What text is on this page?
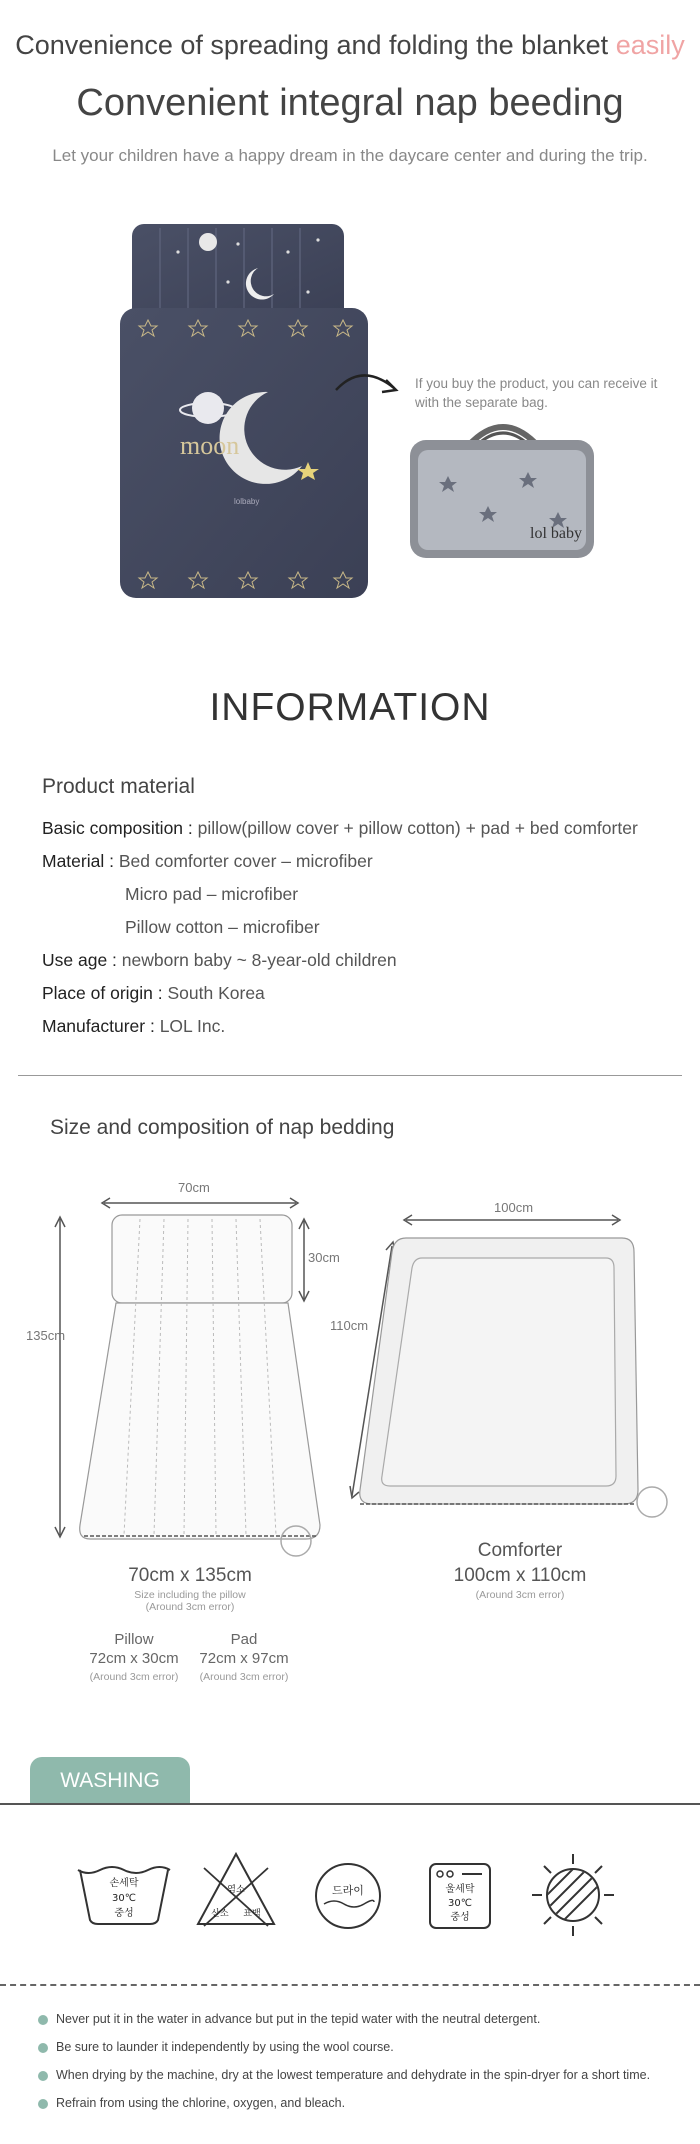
Convenience of spreading and folding the blanket easily
Convenient integral nap beeding
Let your children have a happy dream in the daycare center and during the trip.
moon
lolbaby
If you buy the product, you can receive it with the separate bag.
lol baby
INFORMATION
Product material
Basic composition : pillow(pillow cover + pillow cotton) + pad + bed comforter
Material : Bed comforter cover – microfiber
Micro pad – microfiber
Pillow cotton – microfiber
Use age : newborn baby ~ 8-year-old children
Place of origin : South Korea
Manufacturer : LOL Inc.
Size and composition of nap bedding
70cm
135cm
30cm
70cm x 135cm
Size including the pillow
(Around 3cm error)
Pillow
72cm x 30cm
(Around 3cm error)
Pad
72cm x 97cm
(Around 3cm error)
100cm
110cm
Comforter
100cm x 110cm
(Around 3cm error)
WASHING
손세탁
30℃
중성
염소
산소 표백
드라이	울세탁
30℃
중성
Never put it in the water in advance but put in the tepid water with the neutral detergent.
Be sure to launder it independently by using the wool course.
When drying by the machine, dry at the lowest temperature and dehydrate in the spin-dryer for a short time.
Refrain from using the chlorine, oxygen, and bleach.
